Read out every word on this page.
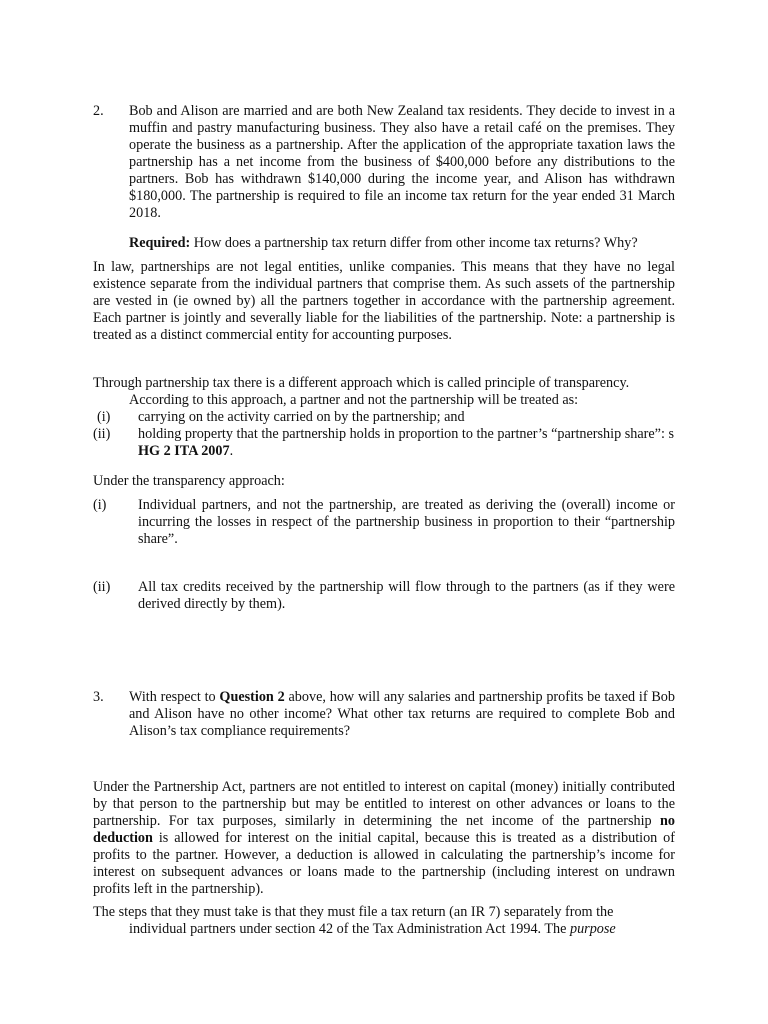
2.	Bob and Alison are married and are both New Zealand tax residents. They decide to invest in a muffin and pastry manufacturing business. They also have a retail café on the premises. They operate the business as a partnership. After the application of the appropriate taxation laws the partnership has a net income from the business of $400,000 before any distributions to the partners. Bob has withdrawn $140,000 during the income year, and Alison has withdrawn $180,000. The partnership is required to file an income tax return for the year ended 31 March 2018.
Required: How does a partnership tax return differ from other income tax returns? Why?
In law, partnerships are not legal entities, unlike companies. This means that they have no legal existence separate from the individual partners that comprise them. As such assets of the partnership are vested in (ie owned by) all the partners together in accordance with the partnership agreement. Each partner is jointly and severally liable for the liabilities of the partnership. Note: a partnership is treated as a distinct commercial entity for accounting purposes.
Through partnership tax there is a different approach which is called principle of transparency.
According to this approach, a partner and not the partnership will be treated as:
(i)	carrying on the activity carried on by the partnership; and
(ii)	holding property that the partnership holds in proportion to the partner’s “partnership share”: s HG 2 ITA 2007.
Under the transparency approach:
(i)	Individual partners, and not the partnership, are treated as deriving the (overall) income or incurring the losses in respect of the partnership business in proportion to their “partnership share”.
(ii)	All tax credits received by the partnership will flow through to the partners (as if they were derived directly by them).
3.	With respect to Question 2 above, how will any salaries and partnership profits be taxed if Bob and Alison have no other income? What other tax returns are required to complete Bob and Alison’s tax compliance requirements?
Under the Partnership Act, partners are not entitled to interest on capital (money) initially contributed by that person to the partnership but may be entitled to interest on other advances or loans to the partnership. For tax purposes, similarly in determining the net income of the partnership no deduction is allowed for interest on the initial capital, because this is treated as a distribution of profits to the partner. However, a deduction is allowed in calculating the partnership’s income for interest on subsequent advances or loans made to the partnership (including interest on undrawn profits left in the partnership).
The steps that they must take is that they must file a tax return (an IR 7) separately from the
individual partners under section 42 of the Tax Administration Act 1994. The purpose
